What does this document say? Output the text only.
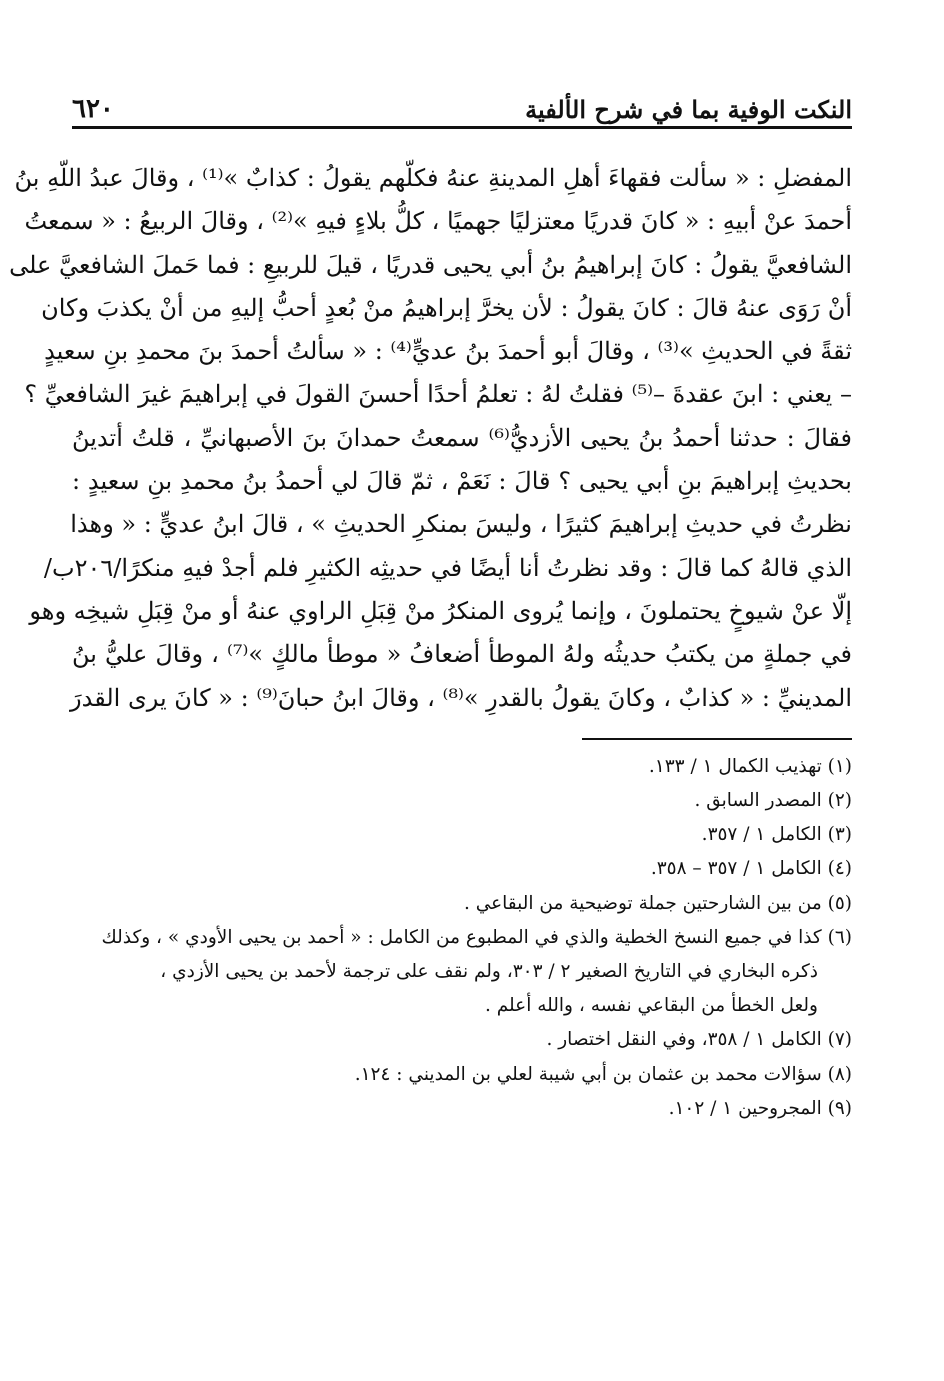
النكت الوفية بما في شرح الألفية
٦٢٠
المفضلِ : « سألت فقهاءَ أهلِ المدينةِ عنهُ فكلّهم يقولُ : كذابٌ »⁽¹⁾ ، وقالَ عبدُ اللّهِ بنُ
أحمدَ عنْ أبيهِ : « كانَ قدريًا معتزليًا جهميًا ، كلُّ بلاءٍ فيهِ »⁽²⁾ ، وقالَ الربيعُ : « سمعتُ
الشافعيَّ يقولُ : كانَ إبراهيمُ بنُ أبي يحيى قدريًا ، قيلَ للربيعِ : فما حَملَ الشافعيَّ على
أنْ رَوَى عنهُ قالَ : كانَ يقولُ : لأن يخرَّ إبراهيمُ منْ بُعدٍ أحبُّ إليهِ من أنْ يكذبَ وكان
ثقةً في الحديثِ »⁽³⁾ ، وقالَ أبو أحمدَ بنُ عديٍّ⁽⁴⁾ : « سألتُ أحمدَ بنَ محمدِ بنِ سعيدٍ
– يعني : ابنَ عقدةَ –⁽⁵⁾ فقلتُ لهُ : تعلمُ أحدًا أحسنَ القولَ في إبراهيمَ غيرَ الشافعيِّ ؟
فقالَ : حدثنا أحمدُ بنُ يحيى الأزديُّ⁽⁶⁾ سمعتُ حمدانَ بنَ الأصبهانيِّ ، قلتُ أتدينُ
بحديثِ إبراهيمَ بنِ أبي يحيى ؟ قالَ : نَعَمْ ، ثمّ قالَ لي أحمدُ بنُ محمدِ بنِ سعيدٍ :
نظرتُ في حديثِ إبراهيمَ كثيرًا ، وليسَ بمنكرِ الحديثِ » ، قالَ ابنُ عديٍّ : « وهذا
الذي قالهُ كما قالَ : وقد نظرتُ أنا أيضًا في حديثِه الكثيرِ فلم أجدْ فيهِ منكرًا/٢٠٦ب/
إلّا عنْ شيوخٍ يحتملونَ ، وإنما يُروى المنكرُ منْ قِبَلِ الراوي عنهُ أو منْ قِبَلِ شيخِه وهو
في جملةٍ من يكتبُ حديثُه ولهُ الموطأ أضعافُ « موطأ مالكٍ »⁽⁷⁾ ، وقالَ عليُّ بنُ
المدينيِّ : « كذابٌ ، وكانَ يقولُ بالقدرِ »⁽⁸⁾ ، وقالَ ابنُ حبانَ⁽⁹⁾ : « كانَ يرى القدرَ
(١) تهذيب الكمال ١ / ١٣٣.
(٢) المصدر السابق .
(٣) الكامل ١ / ٣٥٧.
(٤) الكامل ١ / ٣٥٧ – ٣٥٨.
(٥) من بين الشارحتين جملة توضيحية من البقاعي .
(٦) كذا في جميع النسخ الخطية والذي في المطبوع من الكامل : « أحمد بن يحيى الأودي » ، وكذلك
ذكره البخاري في التاريخ الصغير ٢ / ٣٠٣، ولم نقف على ترجمة لأحمد بن يحيى الأزدي ،
ولعل الخطأ من البقاعي نفسه ، والله أعلم .
(٧) الكامل ١ / ٣٥٨، وفي النقل اختصار .
(٨) سؤالات محمد بن عثمان بن أبي شيبة لعلي بن المديني : ١٢٤.
(٩) المجروحين ١ / ١٠٢.
